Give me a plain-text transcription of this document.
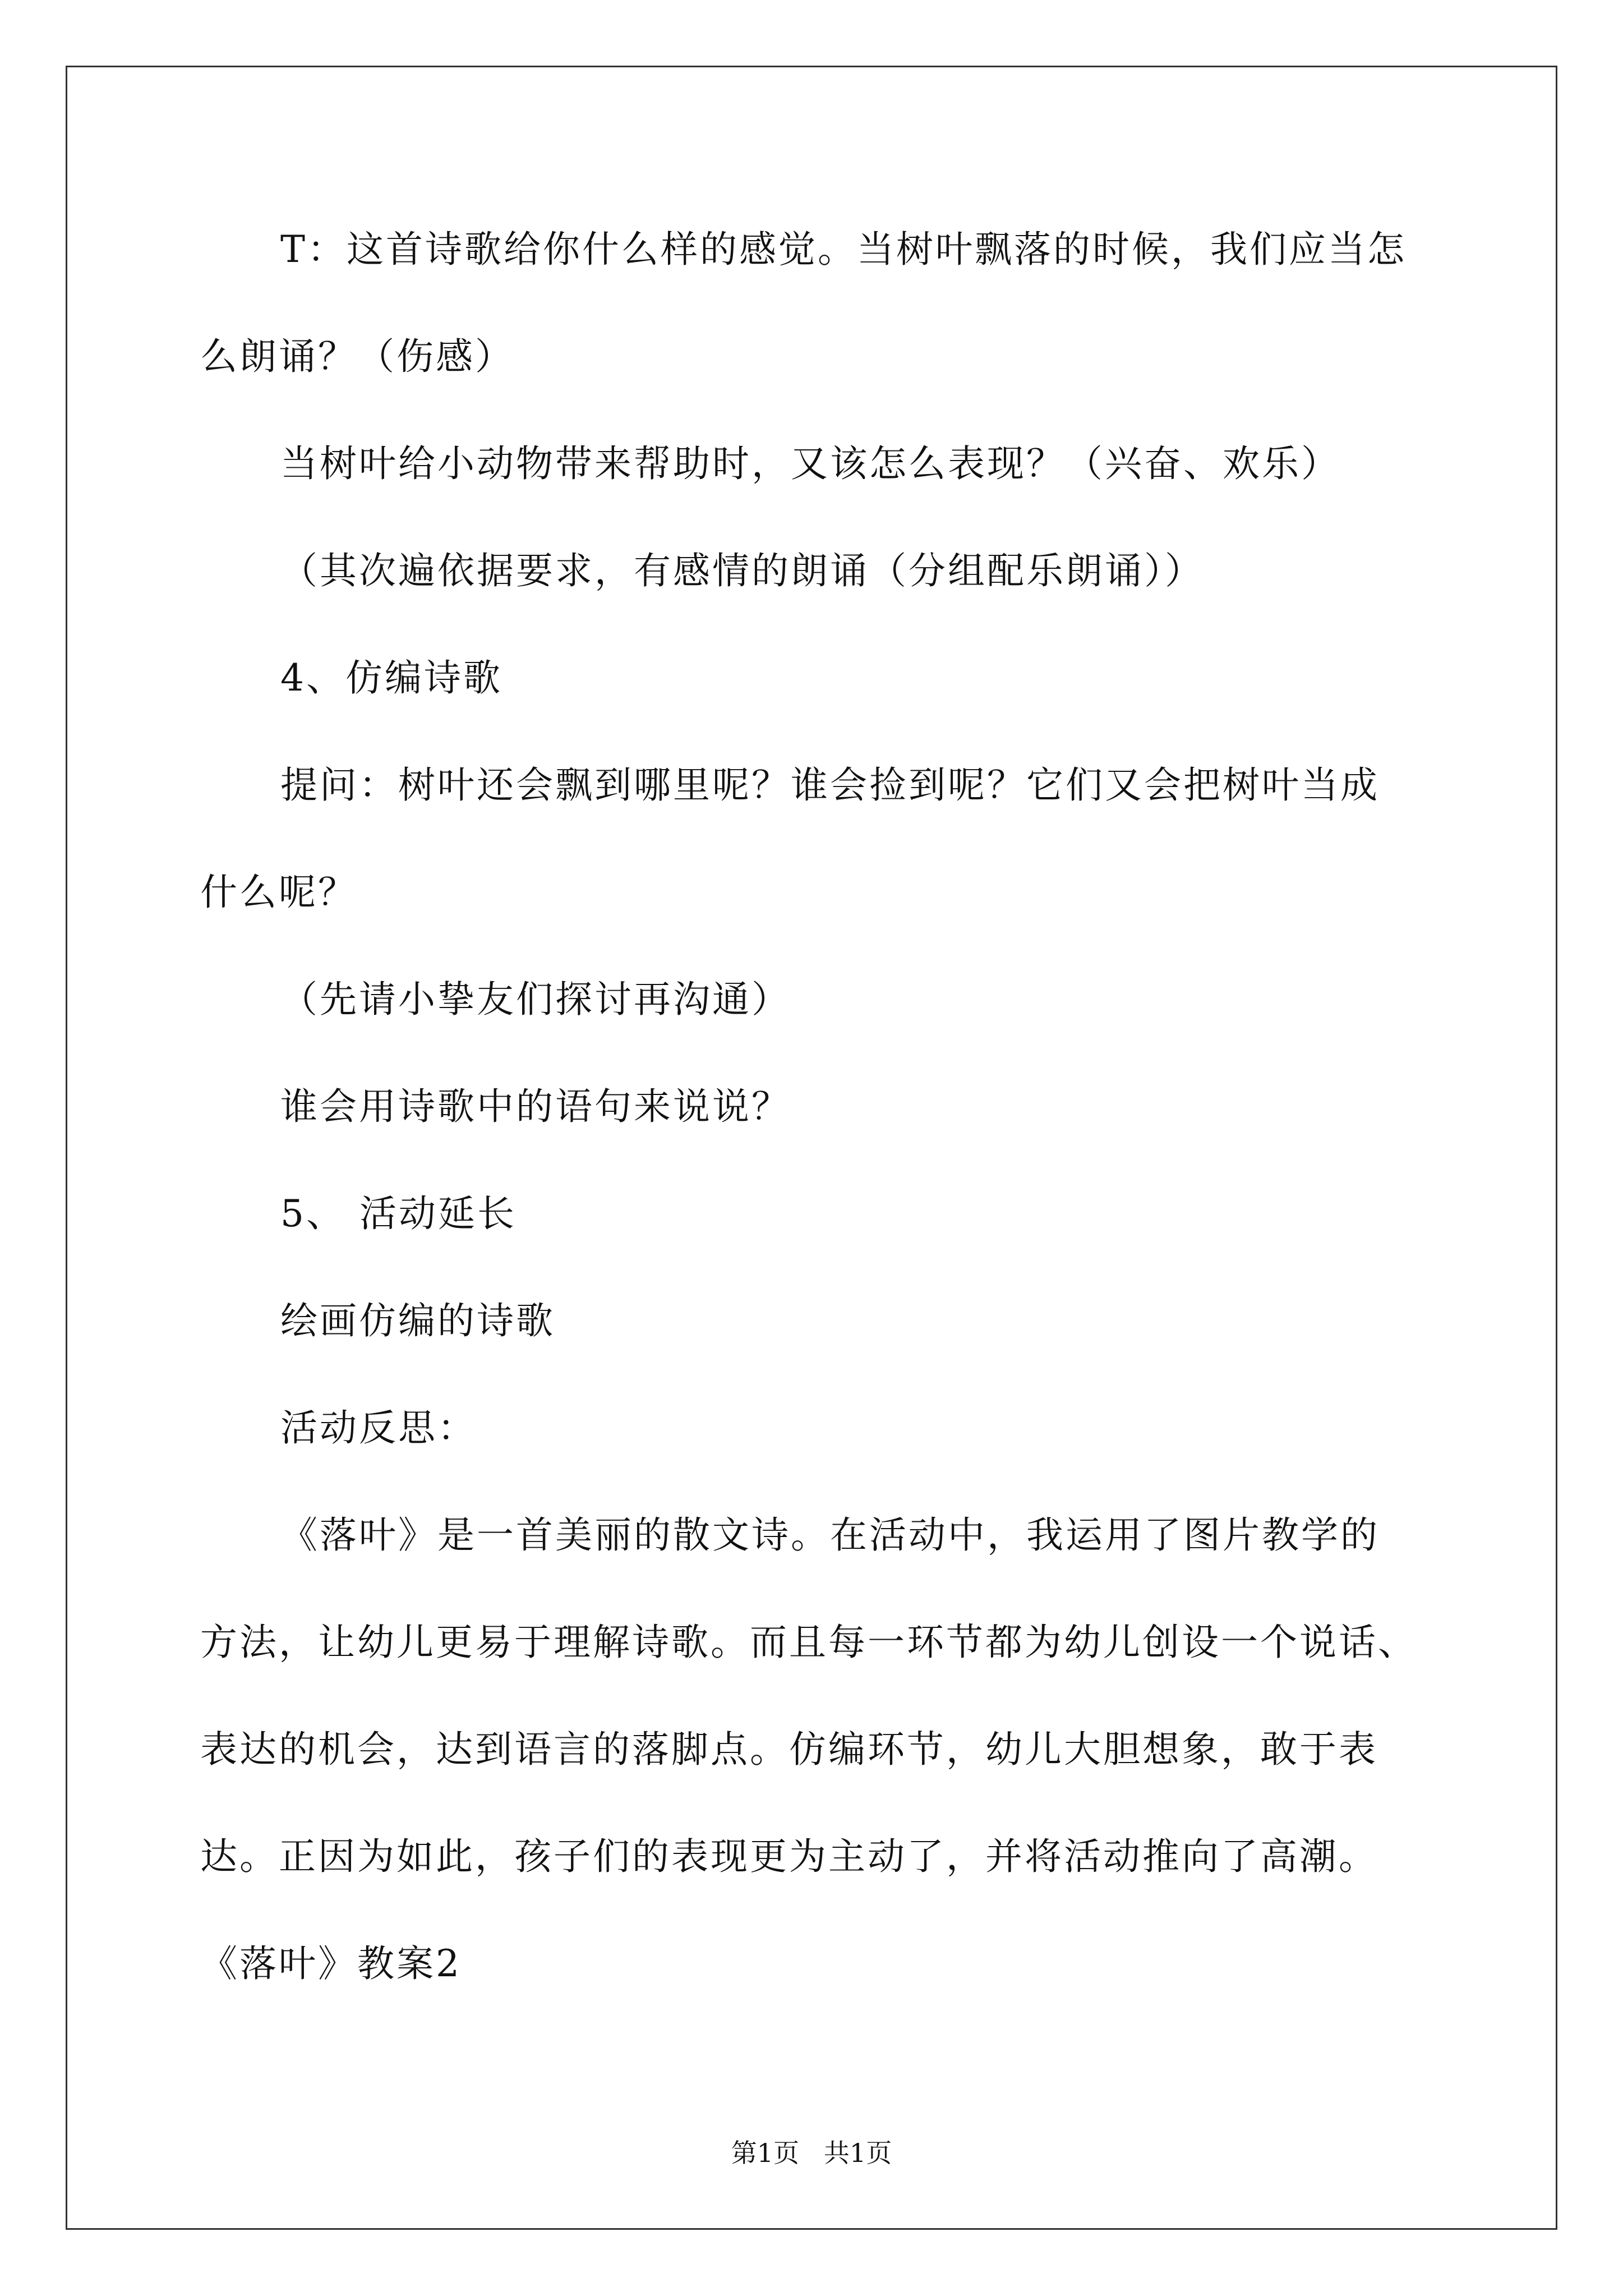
T：这首诗歌给你什么样的感觉。当树叶飘落的时候，我们应当怎
么朗诵？（伤感）
当树叶给小动物带来帮助时，又该怎么表现？（兴奋、欢乐）
（其次遍依据要求，有感情的朗诵（分组配乐朗诵））
4、仿编诗歌
提问：树叶还会飘到哪里呢？谁会捡到呢？它们又会把树叶当成
什么呢？
（先请小挚友们探讨再沟通）
谁会用诗歌中的语句来说说？
5、 活动延长
绘画仿编的诗歌
活动反思：
《落叶》是一首美丽的散文诗。在活动中，我运用了图片教学的
方法，让幼儿更易于理解诗歌。而且每一环节都为幼儿创设一个说话、
表达的机会，达到语言的落脚点。仿编环节，幼儿大胆想象，敢于表
达。正因为如此，孩子们的表现更为主动了，并将活动推向了高潮。
《落叶》教案2
第1页   共1页
